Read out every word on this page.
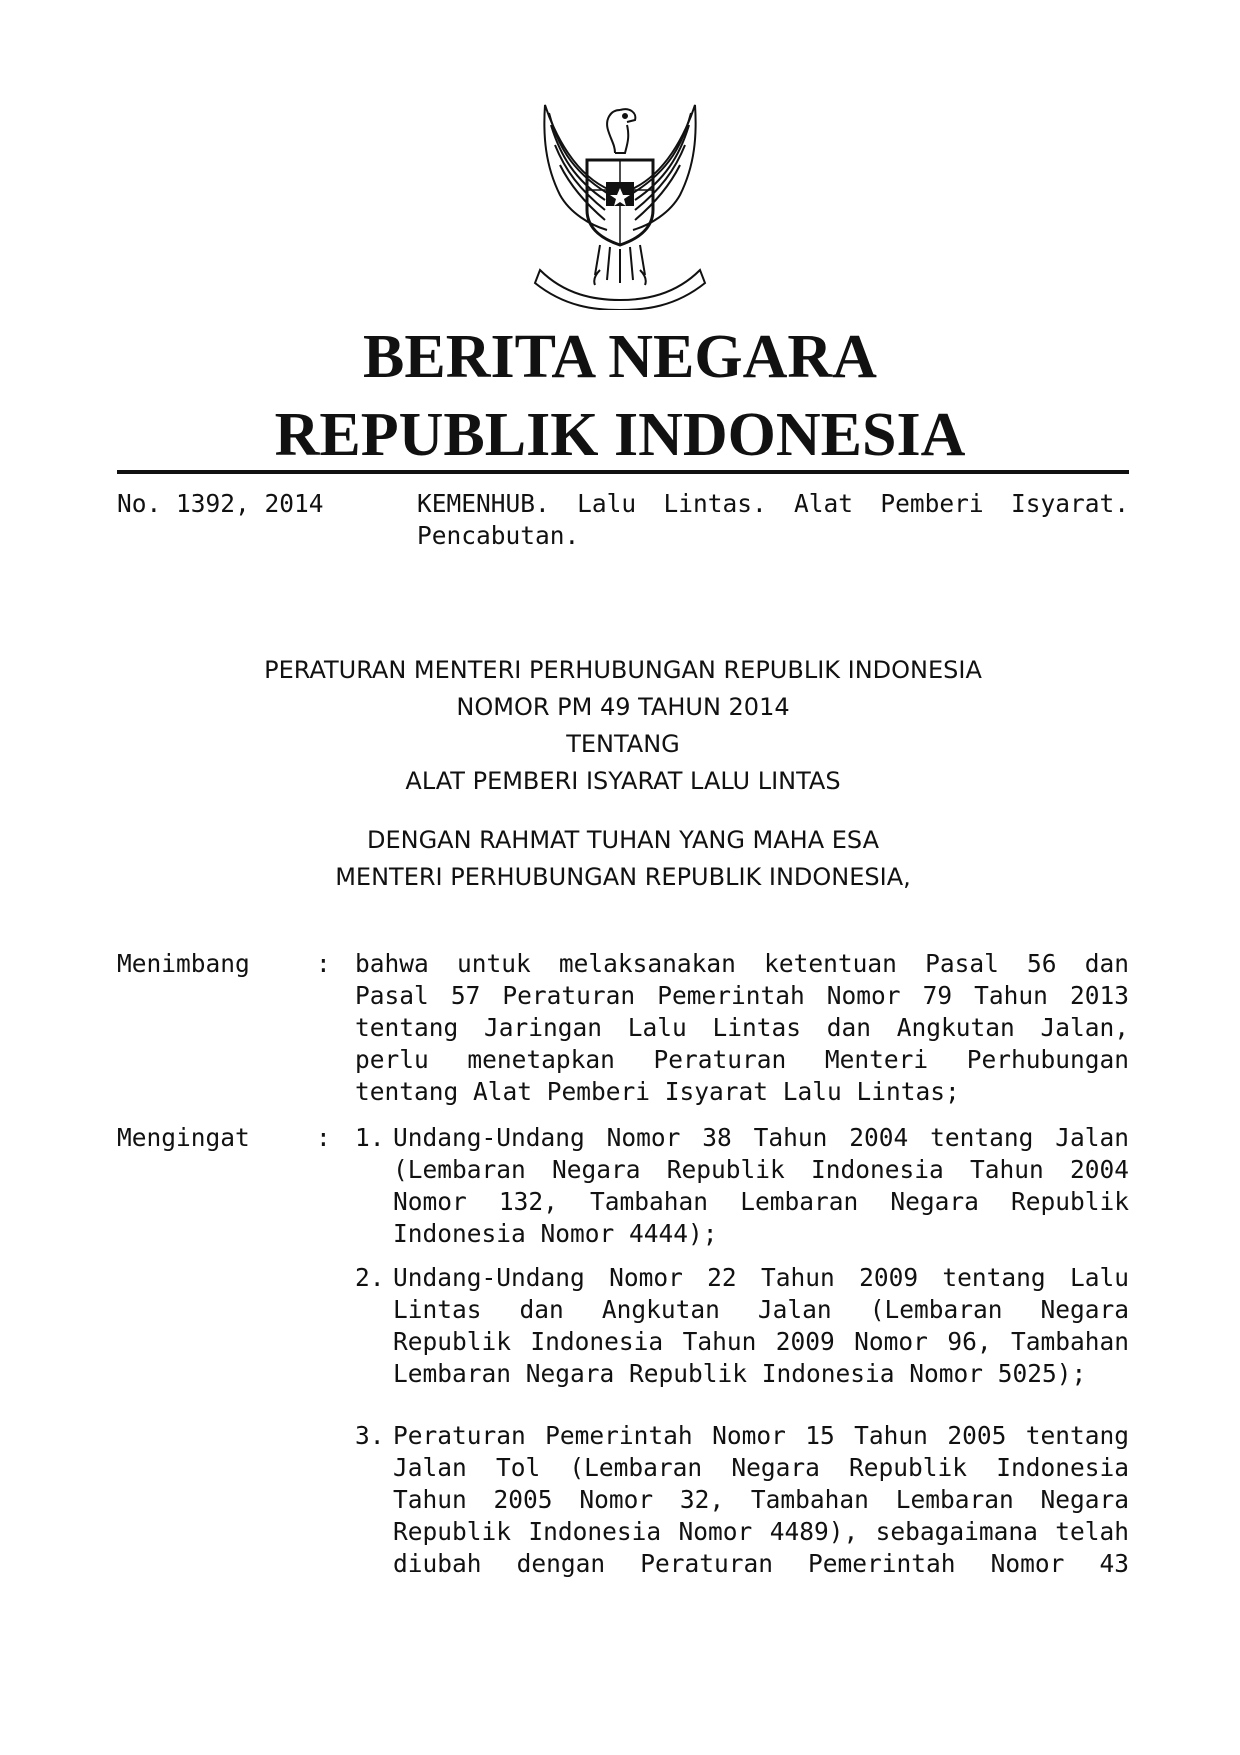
BERITA NEGARA
REPUBLIK INDONESIA
No. 1392, 2014	KEMENHUB. Lalu Lintas. Alat Pemberi Isyarat. Pencabutan.
PERATURAN MENTERI PERHUBUNGAN REPUBLIK INDONESIA
NOMOR PM 49 TAHUN 2014
TENTANG
ALAT PEMBERI ISYARAT LALU LINTAS
DENGAN RAHMAT TUHAN YANG MAHA ESA
MENTERI PERHUBUNGAN REPUBLIK INDONESIA,
Menimbang	: bahwa untuk melaksanakan ketentuan Pasal 56 dan Pasal 57 Peraturan Pemerintah Nomor 79 Tahun 2013 tentang Jaringan Lalu Lintas dan Angkutan Jalan, perlu menetapkan Peraturan Menteri Perhubungan tentang Alat Pemberi Isyarat Lalu Lintas;
Mengingat	: 1. Undang-Undang Nomor 38 Tahun 2004 tentang Jalan (Lembaran Negara Republik Indonesia Tahun 2004 Nomor 132, Tambahan Lembaran Negara Republik Indonesia Nomor 4444);
2. Undang-Undang Nomor 22 Tahun 2009 tentang Lalu Lintas dan Angkutan Jalan (Lembaran Negara Republik Indonesia Tahun 2009 Nomor 96, Tambahan Lembaran Negara Republik Indonesia Nomor 5025);
3. Peraturan Pemerintah Nomor 15 Tahun 2005 tentang Jalan Tol (Lembaran Negara Republik Indonesia Tahun 2005 Nomor 32, Tambahan Lembaran Negara Republik Indonesia Nomor 4489), sebagaimana telah diubah dengan Peraturan Pemerintah Nomor 43
